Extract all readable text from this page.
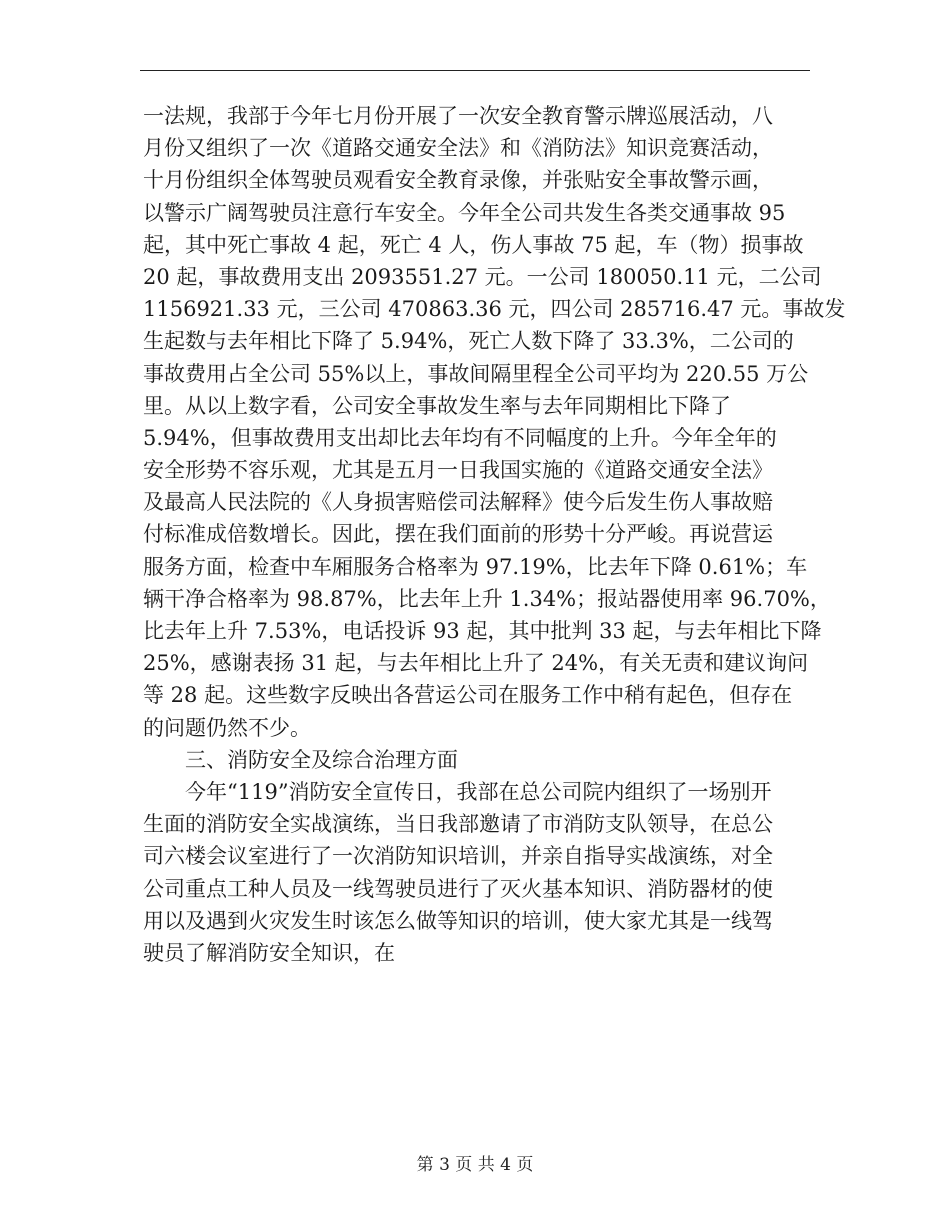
一法规，我部于今年七月份开展了一次安全教育警示牌巡展活动，八
月份又组织了一次《道路交通安全法》和《消防法》知识竞赛活动，
十月份组织全体驾驶员观看安全教育录像，并张贴安全事故警示画，
以警示广阔驾驶员注意行车安全。今年全公司共发生各类交通事故 95
起，其中死亡事故 4 起，死亡 4 人，伤人事故 75 起，车（物）损事故
20 起，事故费用支出 2093551.27 元。一公司 180050.11 元，二公司
1156921.33 元，三公司 470863.36 元，四公司 285716.47 元。事故发
生起数与去年相比下降了 5.94%，死亡人数下降了 33.3%，二公司的
事故费用占全公司 55%以上，事故间隔里程全公司平均为 220.55 万公
里。从以上数字看，公司安全事故发生率与去年同期相比下降了
5.94%，但事故费用支出却比去年均有不同幅度的上升。今年全年的
安全形势不容乐观，尤其是五月一日我国实施的《道路交通安全法》
及最高人民法院的《人身损害赔偿司法解释》使今后发生伤人事故赔
付标准成倍数增长。因此，摆在我们面前的形势十分严峻。再说营运
服务方面，检查中车厢服务合格率为 97.19%，比去年下降 0.61%；车
辆干净合格率为 98.87%，比去年上升 1.34%；报站器使用率 96.70%，
比去年上升 7.53%，电话投诉 93 起，其中批判 33 起，与去年相比下降
25%，感谢表扬 31 起，与去年相比上升了 24%，有关无责和建议询问
等 28 起。这些数字反映出各营运公司在服务工作中稍有起色，但存在
的问题仍然不少。
三、消防安全及综合治理方面
今年“119”消防安全宣传日，我部在总公司院内组织了一场别开
生面的消防安全实战演练，当日我部邀请了市消防支队领导，在总公
司六楼会议室进行了一次消防知识培训，并亲自指导实战演练，对全
公司重点工种人员及一线驾驶员进行了灭火基本知识、消防器材的使
用以及遇到火灾发生时该怎么做等知识的培训，使大家尤其是一线驾
驶员了解消防安全知识，在
第 3 页 共 4 页
